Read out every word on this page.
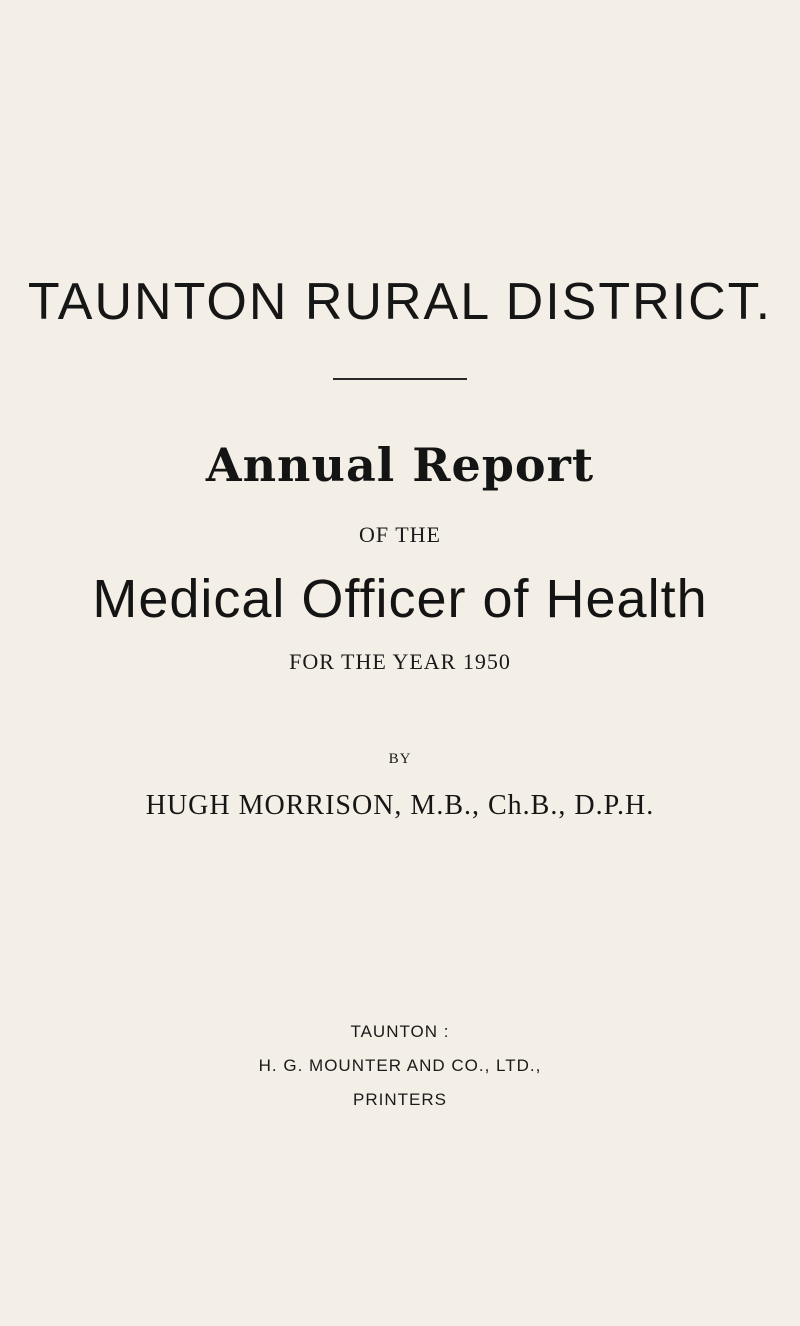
TAUNTON RURAL DISTRICT.
Annual Report
OF THE
Medical Officer of Health
FOR THE YEAR 1950
BY
HUGH MORRISON, M.B., Ch.B., D.P.H.
TAUNTON :
H. G. MOUNTER AND CO., LTD.,
PRINTERS
